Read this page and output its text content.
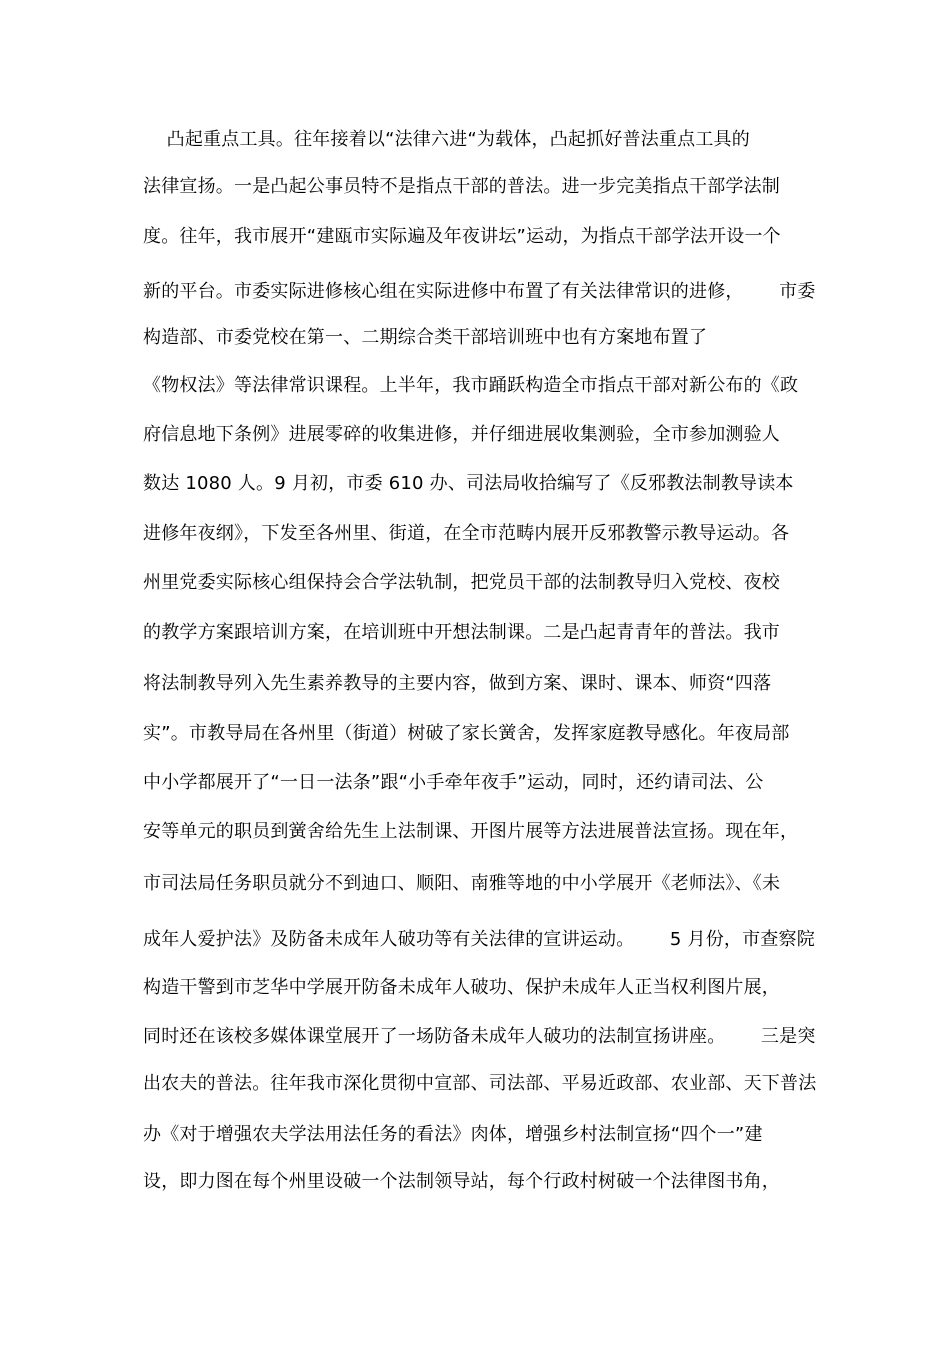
凸起重点工具。往年接着以“法律六进“为载体，凸起抓好普法重点工具的
法律宣扬。一是凸起公事员特不是指点干部的普法。进一步完美指点干部学法制
度。往年，我市展开“建瓯市实际遍及年夜讲坛”运动，为指点干部学法开设一个
新的平台。市委实际进修核心组在实际进修中布置了有关法律常识的进修，      市委
构造部、市委党校在第一、二期综合类干部培训班中也有方案地布置了
《物权法》等法律常识课程。上半年，我市踊跃构造全市指点干部对新公布的《政
府信息地下条例》进展零碎的收集进修，并仔细进展收集测验，全市参加测验人
数达 1080 人。9 月初，市委 610 办、司法局收拾编写了《反邪教法制教导读本
进修年夜纲》，下发至各州里、街道，在全市范畴内展开反邪教警示教导运动。各
州里党委实际核心组保持会合学法轨制，把党员干部的法制教导归入党校、夜校
的教学方案跟培训方案，在培训班中开想法制课。二是凸起青青年的普法。我市
将法制教导列入先生素养教导的主要内容，做到方案、课时、课本、师资“四落
实”。市教导局在各州里（街道）树破了家长黉舍，发挥家庭教导感化。年夜局部
中小学都展开了“一日一法条”跟“小手牵年夜手”运动，同时，还约请司法、公
安等单元的职员到黉舍给先生上法制课、开图片展等方法进展普法宣扬。现在年，
市司法局任务职员就分不到迪口、顺阳、南雅等地的中小学展开《老师法》、《未
成年人爱护法》及防备未成年人破功等有关法律的宣讲运动。      5 月份，市查察院
构造干警到市芝华中学展开防备未成年人破功、保护未成年人正当权利图片展，
同时还在该校多媒体课堂展开了一场防备未成年人破功的法制宣扬讲座。      三是突
出农夫的普法。往年我市深化贯彻中宣部、司法部、平易近政部、农业部、天下普法
办《对于增强农夫学法用法任务的看法》肉体，增强乡村法制宣扬“四个一”建
设，即力图在每个州里设破一个法制领导站，每个行政村树破一个法律图书角，
